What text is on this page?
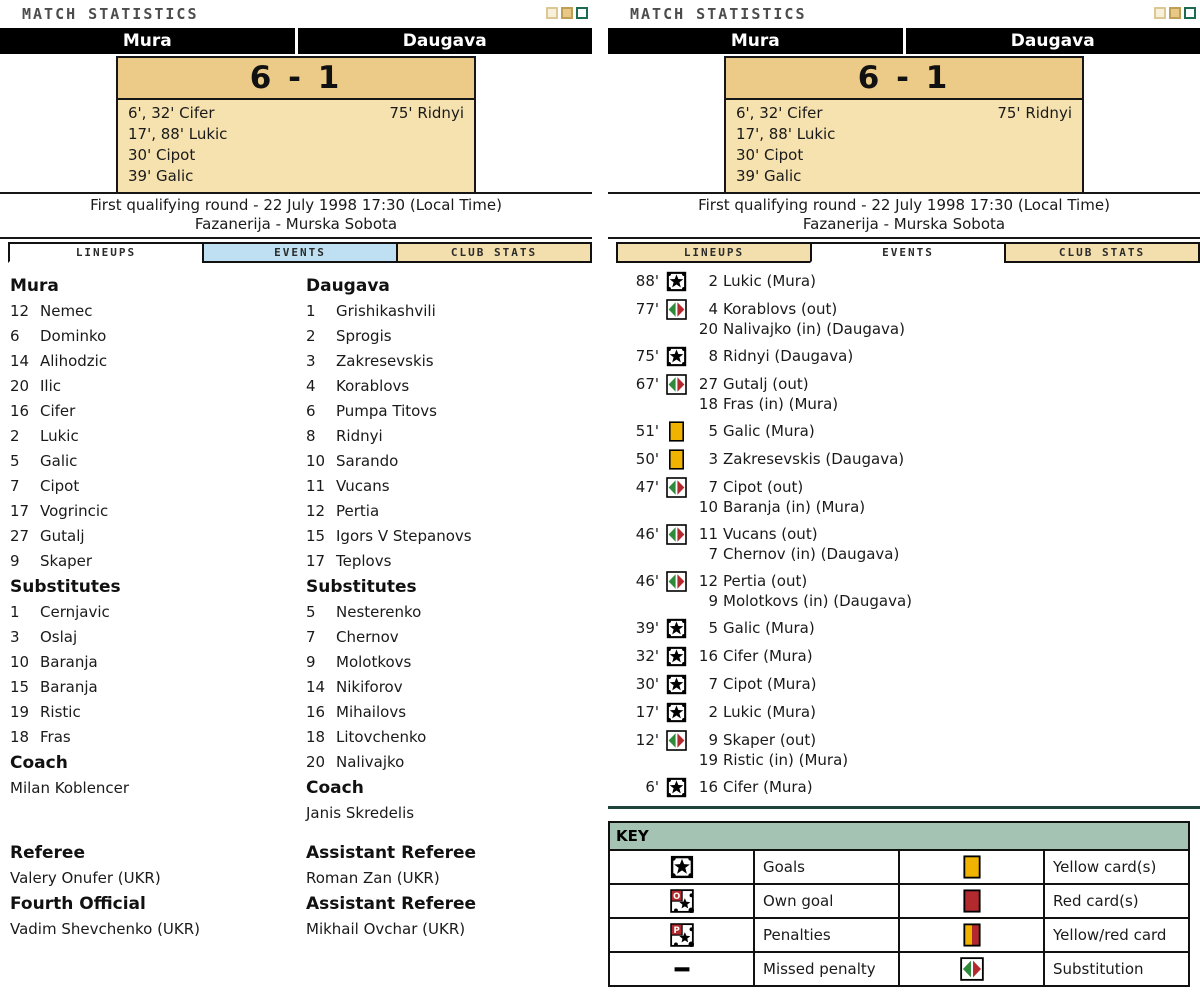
MATCH STATISTICS
Mura	Daugava
6 - 1
6', 32' Cifer
17', 88' Lukic
30' Cipot
39' Galic
75' Ridnyi
First qualifying round - 22 July 1998 17:30 (Local Time)
Fazanerija - Murska Sobota
LINEUPS	EVENTS	CLUB STATS
Mura
12 Nemec
6	Dominko
14 Alihodzic
20 Ilic
16 Cifer
2	Lukic
5	Galic
7	Cipot
17 Vogrincic
27 Gutalj
9	Skaper
Substitutes
1	Cernjavic
3	Oslaj
10 Baranja
15 Baranja
19 Ristic
18 Fras
Coach
Milan Koblencer
Daugava
1	Grishikashvili
2	Sprogis
3	Zakresevskis
4	Korablovs
6	Pumpa Titovs
8	Ridnyi
10 Sarando
11 Vucans
12 Pertia
15 Igors V Stepanovs
17 Teplovs
Substitutes
5	Nesterenko
7	Chernov
9	Molotkovs
14 Nikiforov
16 Mihailovs
18 Litovchenko
20 Nalivajko
Coach
Janis Skredelis
Referee
Valery Onufer (UKR)
Fourth Official
Vadim Shevchenko (UKR)
Assistant Referee
Roman Zan (UKR)
Assistant Referee
Mikhail Ovchar (UKR)
MATCH STATISTICS
Mura	Daugava
6 - 1
6', 32' Cifer
17', 88' Lukic
30' Cipot
39' Galic
75' Ridnyi
First qualifying round - 22 July 1998 17:30 (Local Time)
Fazanerija - Murska Sobota
LINEUPS	EVENTS	CLUB STATS
88'	2 Lukic (Mura)
77'	4 Korablovs (out)
20 Nalivajko (in) (Daugava)
75'	8 Ridnyi (Daugava)
67'	27 Gutalj (out)
18 Fras (in) (Mura)
51'	5 Galic (Mura)
50'	3 Zakresevskis (Daugava)
47'	7 Cipot (out)
10 Baranja (in) (Mura)
46'	11 Vucans (out)
7 Chernov (in) (Daugava)
46'	12 Pertia (out)
9 Molotkovs (in) (Daugava)
39'	5 Galic (Mura)
32'	16 Cifer (Mura)
30'	7 Cipot (Mura)
17'	2 Lukic (Mura)
12'	9 Skaper (out)
19 Ristic (in) (Mura)
6'	16 Cifer (Mura)
KEY			
	Goals		Yellow card(s)

O	Own goal		Red card(s)

P	Penalties		Yellow/red card
	Missed penalty		Substitution
